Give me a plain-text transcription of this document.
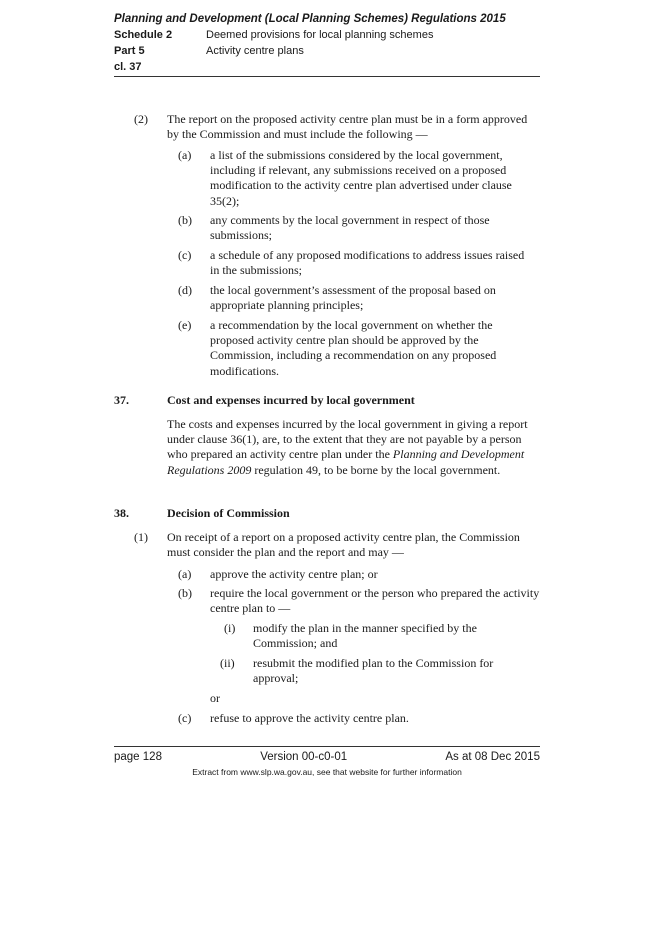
Planning and Development (Local Planning Schemes) Regulations 2015
Schedule 2	Deemed provisions for local planning schemes
Part 5	Activity centre plans
cl. 37
(2) The report on the proposed activity centre plan must be in a form approved by the Commission and must include the following —
(a) a list of the submissions considered by the local government, including if relevant, any submissions received on a proposed modification to the activity centre plan advertised under clause 35(2);
(b) any comments by the local government in respect of those submissions;
(c) a schedule of any proposed modifications to address issues raised in the submissions;
(d) the local government’s assessment of the proposal based on appropriate planning principles;
(e) a recommendation by the local government on whether the proposed activity centre plan should be approved by the Commission, including a recommendation on any proposed modifications.
37.	Cost and expenses incurred by local government
The costs and expenses incurred by the local government in giving a report under clause 36(1), are, to the extent that they are not payable by a person who prepared an activity centre plan under the Planning and Development Regulations 2009 regulation 49, to be borne by the local government.
38.	Decision of Commission
(1) On receipt of a report on a proposed activity centre plan, the Commission must consider the plan and the report and may —
(a) approve the activity centre plan; or
(b) require the local government or the person who prepared the activity centre plan to —
(i) modify the plan in the manner specified by the Commission; and
(ii) resubmit the modified plan to the Commission for approval;
or
(c) refuse to approve the activity centre plan.
page 128	Version 00-c0-01	As at 08 Dec 2015
Extract from www.slp.wa.gov.au, see that website for further information
